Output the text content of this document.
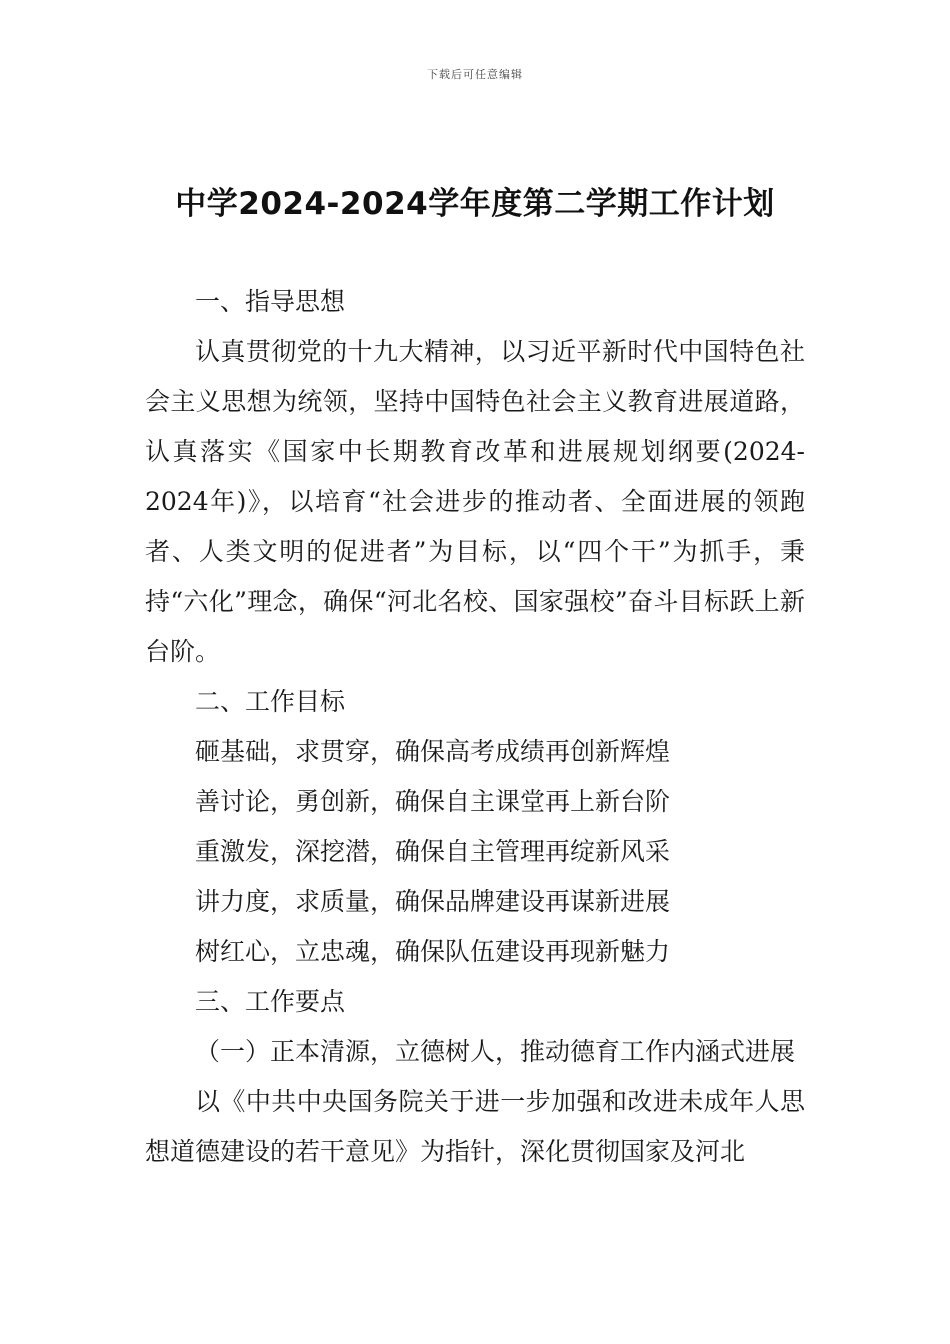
下载后可任意编辑
中学2024-2024学年度第二学期工作计划

一、指导思想

认真贯彻党的十九大精神，以习近平新时代中国特色社会主义思想为统领，坚持中国特色社会主义教育进展道路，认真落实《国家中长期教育改革和进展规划纲要(2024-2024年)》，以培育“社会进步的推动者、全面进展的领跑者、人类文明的促进者”为目标，以“四个干”为抓手，秉持“六化”理念，确保“河北名校、国家强校”奋斗目标跃上新台阶。

二、工作目标

砸基础，求贯穿，确保高考成绩再创新辉煌

善讨论，勇创新，确保自主课堂再上新台阶

重激发，深挖潜，确保自主管理再绽新风采

讲力度，求质量，确保品牌建设再谋新进展

树红心，立忠魂，确保队伍建设再现新魅力

三、工作要点

（一）正本清源，立德树人，推动德育工作内涵式进展

以《中共中央国务院关于进一步加强和改进未成年人思想道德建设的若干意见》为指针，深化贯彻国家及河北
